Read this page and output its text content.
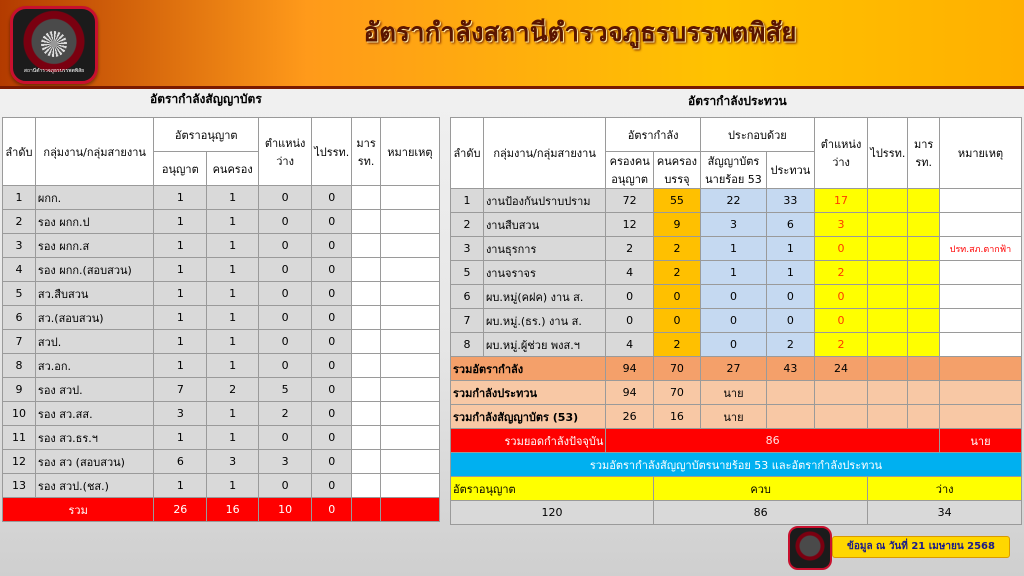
สถานีตำรวจภูธรบรรพตพิสัย
อัตรากำลังสถานีตำรวจภูธรบรรพตพิสัย
อัตรากำลังสัญญาบัตร	อัตรากำลังประทวน
ลำดับ	กลุ่มงาน/กลุ่มสายงาน	อัตราอนุญาต		ตำแหน่งว่าง	ไปรรท.	มารรท.	หมายเหตุ
		อนุญาต	คนครอง				
1	ผกก.	1	1	0	0		
2	รอง ผกก.ป	1	1	0	0		
3	รอง ผกก.ส	1	1	0	0		
4	รอง ผกก.(สอบสวน)	1	1	0	0		
5	สว.สืบสวน	1	1	0	0		
6	สว.(สอบสวน)	1	1	0	0		
7	สวป.	1	1	0	0		
8	สว.อก.	1	1	0	0		
9	รอง สวป.	7	2	5	0		
10	รอง สว.สส.	3	1	2	0		
11	รอง สว.ธร.ฯ	1	1	0	0		
12	รอง สว (สอบสวน)	6	3	3	0		
13	รอง สวป.(ชส.)	1	1	0	0		
รวม		26	16	10	0		
ลำดับ	กลุ่มงาน/กลุ่มสายงาน	อัตรากำลัง		ประกอบด้วย		ตำแหน่งว่าง	ไปรรท.	มารรท.	หมายเหตุ
		ครองคนอนุญาต	คนครองบรรจุ	สัญญาบัตรนายร้อย 53	ประทวน				
1	งานป้องกันปราบปราม	72	55	22	33	17			
2	งานสืบสวน	12	9	3	6	3			
3	งานธุรการ	2	2	1	1	0			ปรท.สภ.ตากฟ้า
5	งานจราจร	4	2	1	1	2			
6	ผบ.หมู่(คฝค) งาน ส.	0	0	0	0	0			
7	ผบ.หมู่.(ธร.) งาน ส.	0	0	0	0	0			
8	ผบ.หมู่.ผู้ช่วย พงส.ฯ	4	2	0	2	2			
รวมอัตรากำลัง		94	70	27	43	24			
รวมกำลังประทวน		94	70	นาย					
รวมกำลังสัญญาบัตร (53)		26	16	นาย					
รวมยอดกำลังปัจจุบัน		86							นาย
รวมอัตรากำลังสัญญาบัตรนายร้อย 53 และอัตรากำลังประทวน									
อัตราอนุญาต			ควบ				ว่าง		
120			86				34		
ข้อมูล ณ วันที่ 21 เมษายน 2568
